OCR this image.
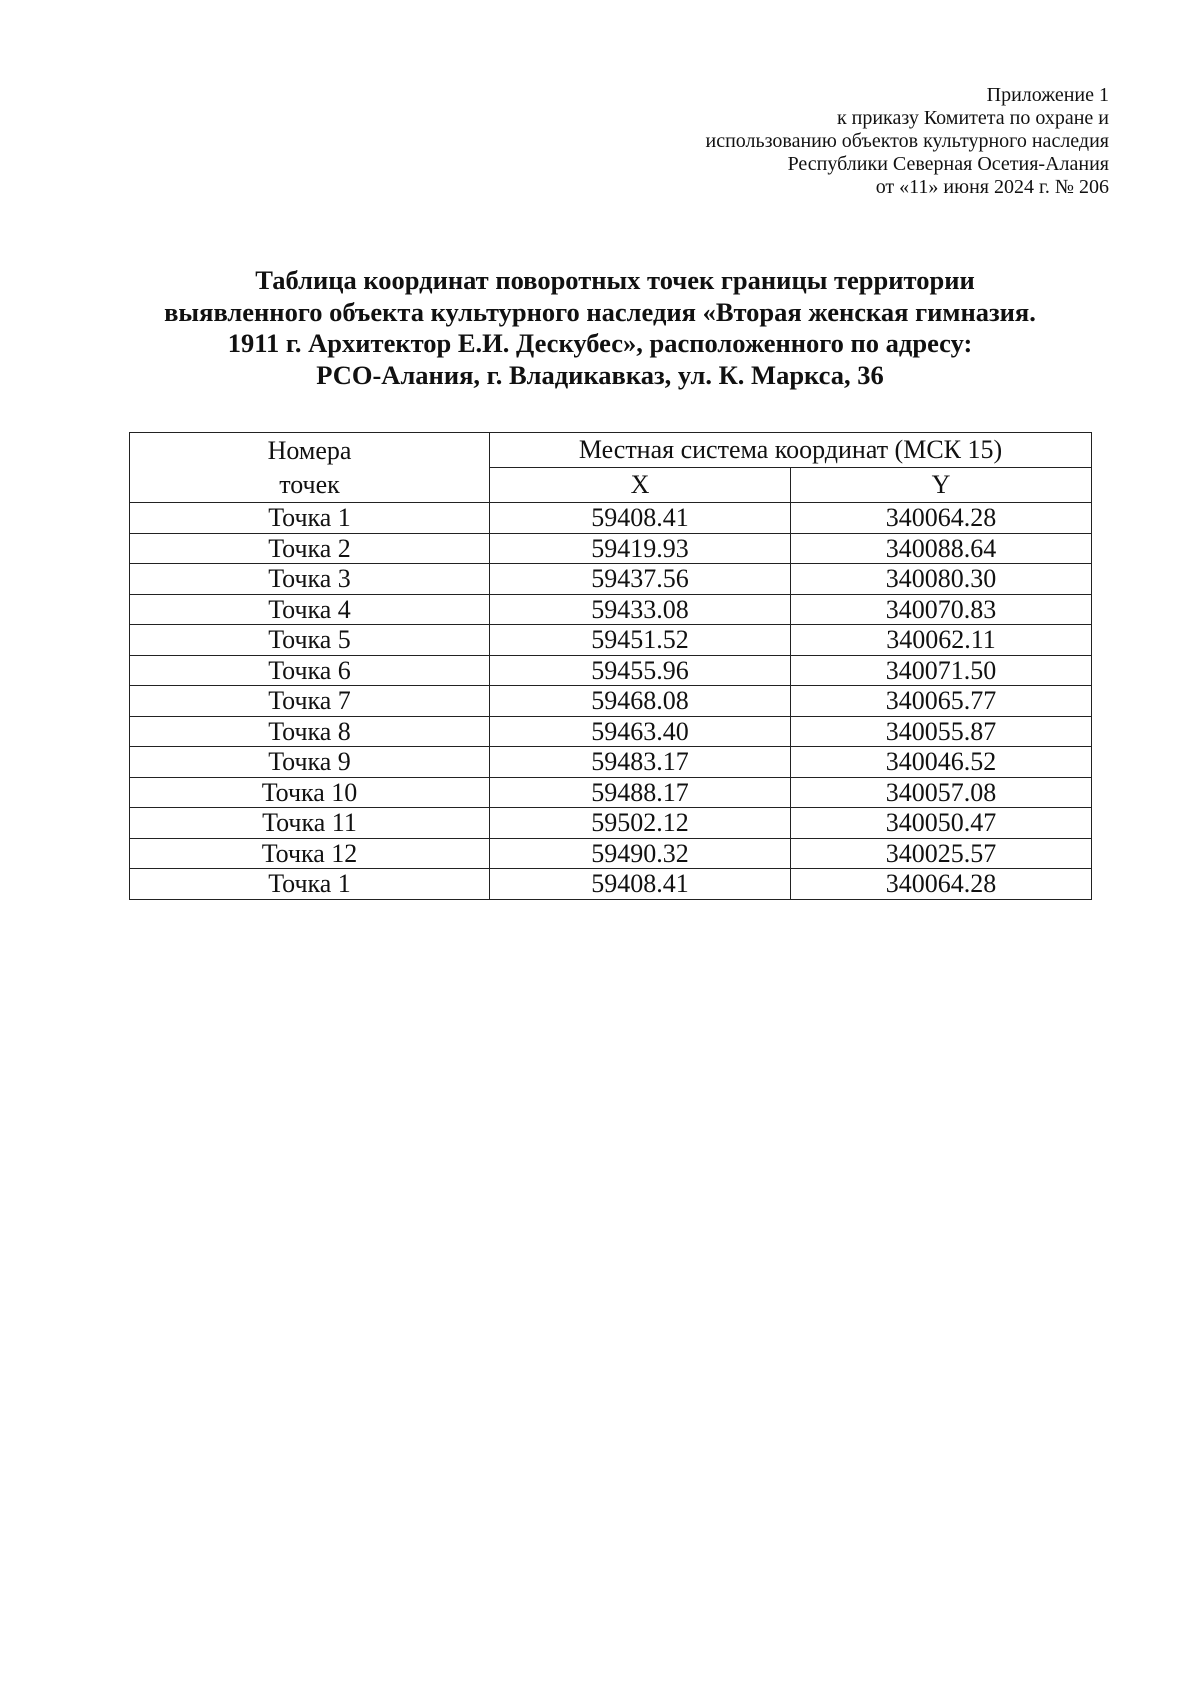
Приложение 1
к приказу Комитета по охране и
использованию объектов культурного наследия
Республики Северная Осетия-Алания
от «11» июня 2024 г. № 206
Таблица координат поворотных точек границы территории
выявленного объекта культурного наследия «Вторая женская гимназия.
1911 г. Архитектор Е.И. Дескубес», расположенного по адресу:
РСО-Алания, г. Владикавказ, ул. К. Маркса, 36
Номера
точек	Местная система координат (МСК 15)	
	X	Y
Точка 1	59408.41	340064.28
Точка 2	59419.93	340088.64
Точка 3	59437.56	340080.30
Точка 4	59433.08	340070.83
Точка 5	59451.52	340062.11
Точка 6	59455.96	340071.50
Точка 7	59468.08	340065.77
Точка 8	59463.40	340055.87
Точка 9	59483.17	340046.52
Точка 10	59488.17	340057.08
Точка 11	59502.12	340050.47
Точка 12	59490.32	340025.57
Точка 1	59408.41	340064.28
